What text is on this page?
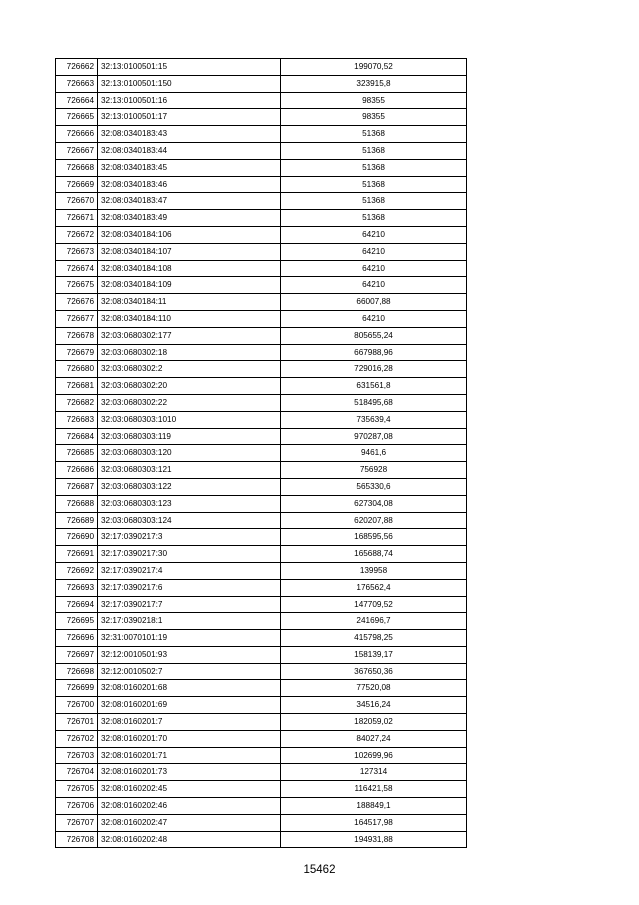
726662	32:13:0100501:15	199070,52
726663	32:13:0100501:150	323915,8
726664	32:13:0100501:16	98355
726665	32:13:0100501:17	98355
726666	32:08:0340183:43	51368
726667	32:08:0340183:44	51368
726668	32:08:0340183:45	51368
726669	32:08:0340183:46	51368
726670	32:08:0340183:47	51368
726671	32:08:0340183:49	51368
726672	32:08:0340184:106	64210
726673	32:08:0340184:107	64210
726674	32:08:0340184:108	64210
726675	32:08:0340184:109	64210
726676	32:08:0340184:11	66007,88
726677	32:08:0340184:110	64210
726678	32:03:0680302:177	805655,24
726679	32:03:0680302:18	667988,96
726680	32:03:0680302:2	729016,28
726681	32:03:0680302:20	631561,8
726682	32:03:0680302:22	518495,68
726683	32:03:0680303:1010	735639,4
726684	32:03:0680303:119	970287,08
726685	32:03:0680303:120	9461,6
726686	32:03:0680303:121	756928
726687	32:03:0680303:122	565330,6
726688	32:03:0680303:123	627304,08
726689	32:03:0680303:124	620207,88
726690	32:17:0390217:3	168595,56
726691	32:17:0390217:30	165688,74
726692	32:17:0390217:4	139958
726693	32:17:0390217:6	176562,4
726694	32:17:0390217:7	147709,52
726695	32:17:0390218:1	241696,7
726696	32:31:0070101:19	415798,25
726697	32:12:0010501:93	158139,17
726698	32:12:0010502:7	367650,36
726699	32:08:0160201:68	77520,08
726700	32:08:0160201:69	34516,24
726701	32:08:0160201:7	182059,02
726702	32:08:0160201:70	84027,24
726703	32:08:0160201:71	102699,96
726704	32:08:0160201:73	127314
726705	32:08:0160202:45	116421,58
726706	32:08:0160202:46	188849,1
726707	32:08:0160202:47	164517,98
726708	32:08:0160202:48	194931,88
15462
